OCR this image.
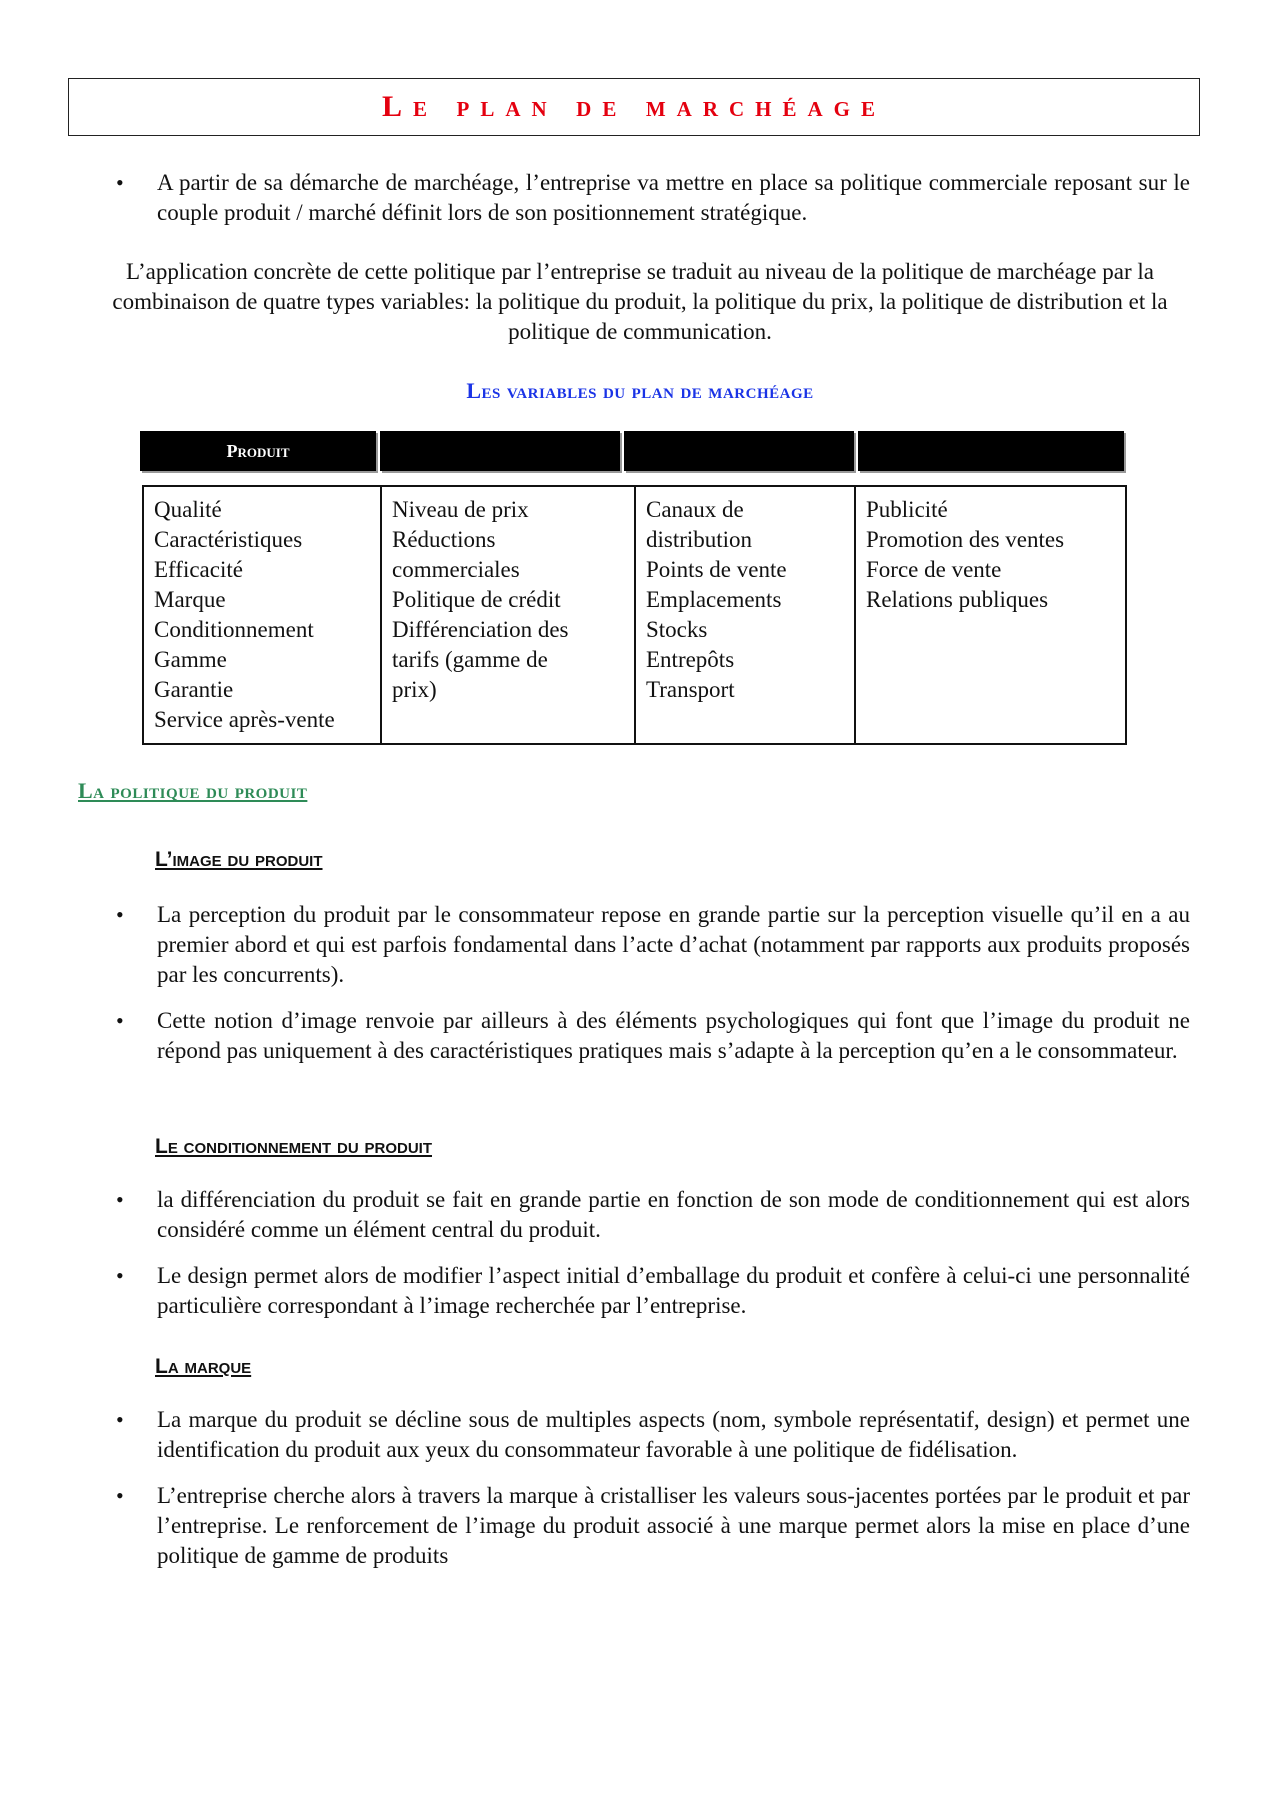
Le plan de marchéage
• A partir de sa démarche de marchéage, l’entreprise va mettre en place sa politique commerciale reposant sur le couple produit / marché définit lors de son positionnement stratégique.

L’application concrète de cette politique par l’entreprise se traduit au niveau de la politique de marchéage par la combinaison de quatre types variables: la politique du produit, la politique du prix, la politique de distribution et la politique de communication.

Les variables du plan de marchéage
Produit
Qualité
Caractéristiques
Efficacité
Marque
Conditionnement
Gamme
Garantie
Service après-vente
Niveau de prix
Réductions
commerciales
Politique de crédit
Différenciation des
tarifs (gamme de
prix)
Canaux de
distribution
Points de vente
Emplacements
Stocks
Entrepôts
Transport
Publicité
Promotion des ventes
Force de vente
Relations publiques
La politique du produit
L’image du produit
• La perception du produit par le consommateur repose en grande partie sur la perception visuelle qu’il en a au premier abord et qui est parfois fondamental dans l’acte d’achat (notamment par rapports aux produits proposés par les concurrents).
• Cette notion d’image renvoie par ailleurs à des éléments psychologiques qui font que l’image du produit ne répond pas uniquement à des caractéristiques pratiques mais s’adapte à la perception qu’en a le consommateur.
Le conditionnement du produit
• la différenciation du produit se fait en grande partie en fonction de son mode de conditionnement qui est alors considéré comme un élément central du produit.
• Le design permet alors de modifier l’aspect initial d’emballage du produit et confère à celui-ci une personnalité particulière correspondant à l’image recherchée par l’entreprise.
La marque
• La marque du produit se décline sous de multiples aspects (nom, symbole représentatif, design) et permet une identification du produit aux yeux du consommateur favorable à une politique de fidélisation.
• L’entreprise cherche alors à travers la marque à cristalliser les valeurs sous-jacentes portées par le produit et par l’entreprise. Le renforcement de l’image du produit associé à une marque permet alors la mise en place d’une politique de gamme de produits
